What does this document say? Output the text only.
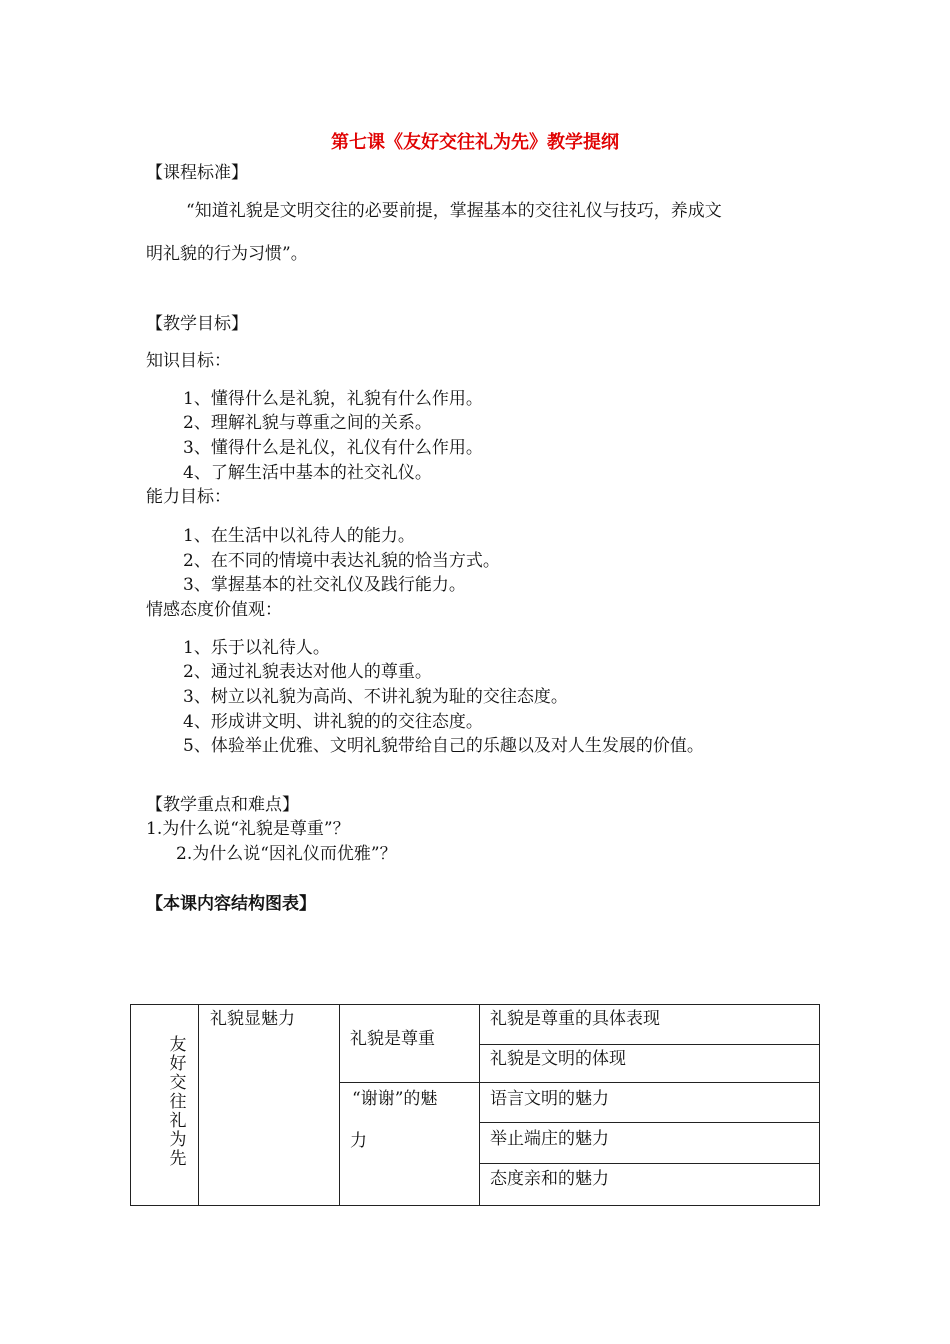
第七课《友好交往礼为先》教学提纲
【课程标准】
“知道礼貌是文明交往的必要前提，掌握基本的交往礼仪与技巧，养成文
明礼貌的行为习惯”。
【教学目标】
知识目标：
1、懂得什么是礼貌，礼貌有什么作用。
2、理解礼貌与尊重之间的关系。
3、懂得什么是礼仪，礼仪有什么作用。
4、了解生活中基本的社交礼仪。
能力目标：
1、在生活中以礼待人的能力。
2、在不同的情境中表达礼貌的恰当方式。
3、掌握基本的社交礼仪及践行能力。
情感态度价值观：
1、乐于以礼待人。
2、通过礼貌表达对他人的尊重。
3、树立以礼貌为高尚、不讲礼貌为耻的交往态度。
4、形成讲文明、讲礼貌的的交往态度。
5、体验举止优雅、文明礼貌带给自己的乐趣以及对人生发展的价值。
【教学重点和难点】
1.为什么说“礼貌是尊重”？
2.为什么说“因礼仪而优雅”？
【本课内容结构图表】
友好交往礼为先
礼貌显魅力
礼貌是尊重
“谢谢”的魅
力
礼貌是尊重的具体表现
礼貌是文明的体现
语言文明的魅力
举止端庄的魅力
态度亲和的魅力
